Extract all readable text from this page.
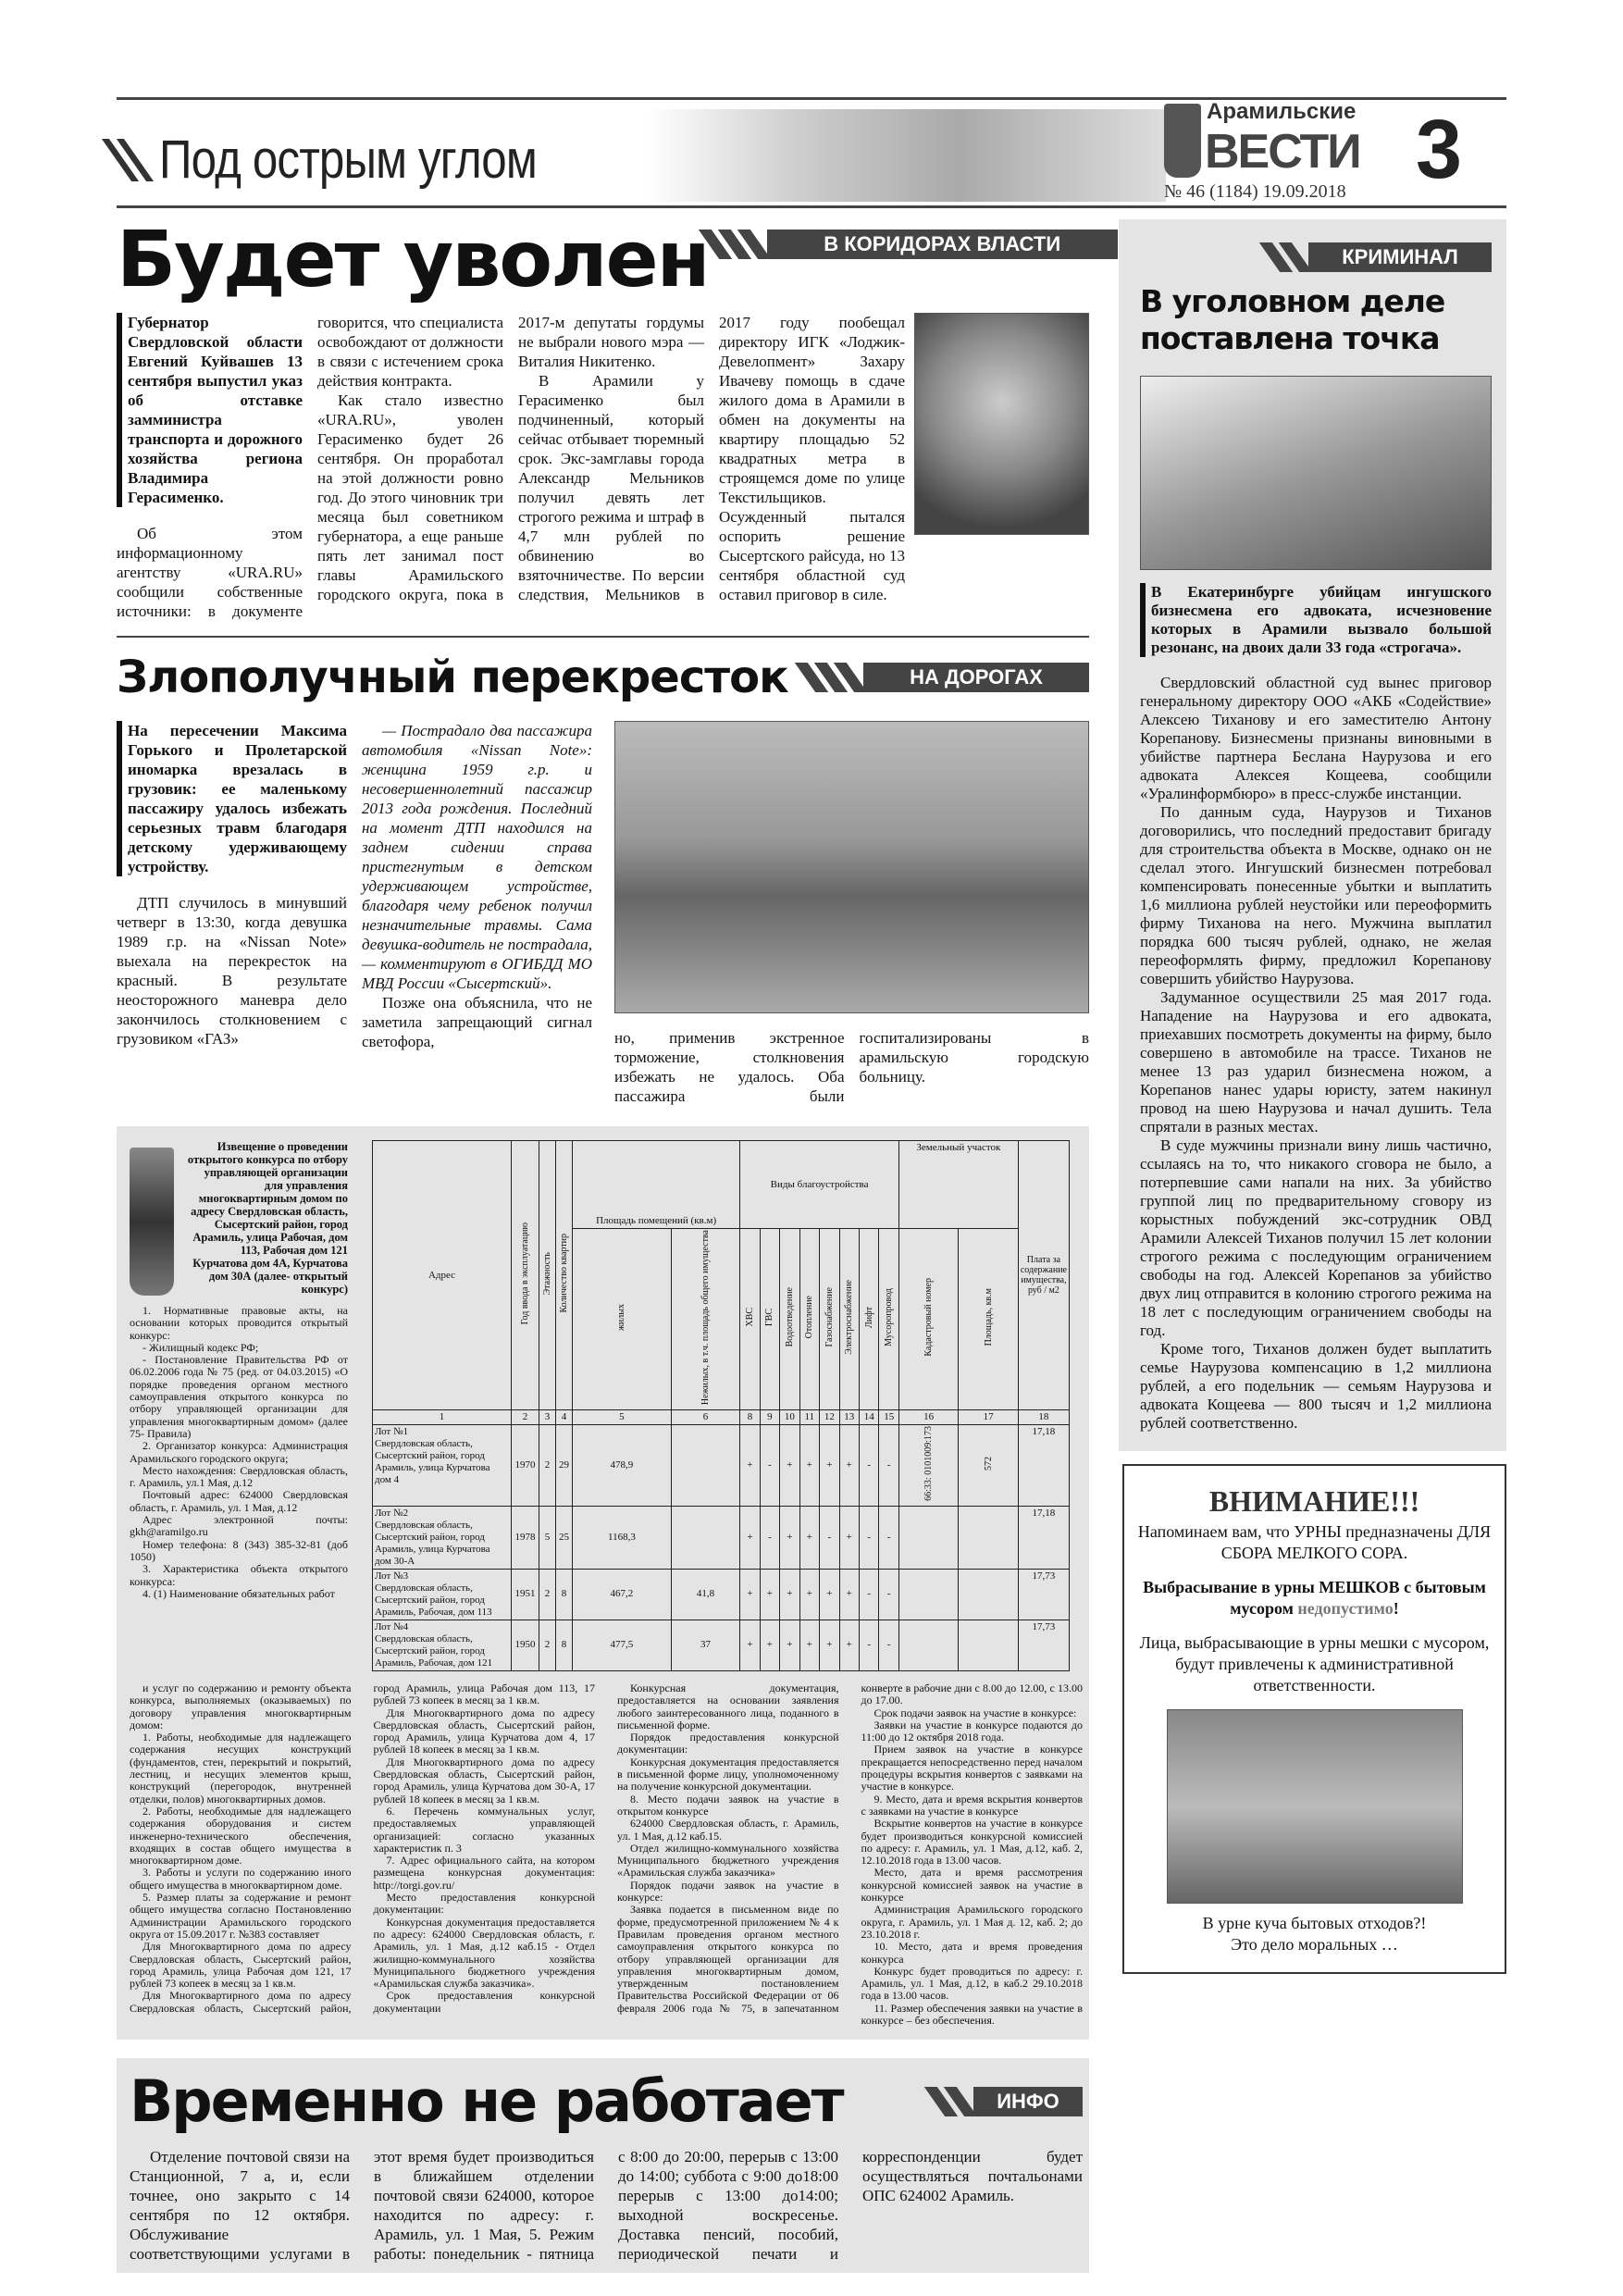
Под острым углом
Арамильские
ВЕСТИ
№ 46 (1184) 19.09.2018 3
Будет уволен	В КОРИДОРАХ ВЛАСТИ

Губернатор Свердловской области Евгений Куйвашев 13 сентября выпустил указ об отставке замминистра транспорта и дорожного хозяйства региона Владимира Герасименко.

Об этом информационному агентству «URA.RU» сообщили собственные источники: в документе говорится, что специалиста освобождают от должности в связи с истечением срока действия контракта.

Как стало известно «URA.RU», уволен Герасименко будет 26 сентября. Он проработал на этой должности ровно год. До этого чиновник три месяца был советником губернатора, а еще раньше пять лет занимал пост главы Арамильского городского округа, пока в 2017-м депутаты гордумы не выбрали нового мэра — Виталия Никитенко.

В Арамили у Герасименко был подчиненный, который сейчас отбывает тюремный срок. Экс-замглавы города Александр Мельников получил девять лет строгого режима и штраф в 4,7 млн рублей по обвинению во взяточничестве. По версии следствия, Мельников в 2017 году пообещал директору ИГК «Лоджик-Девелопмент» Захару Ивачеву помощь в сдаче жилого дома в Арамили в обмен на документы на квартиру площадью 52 квадратных метра в строящемся доме по улице Текстильщиков. Осужденный пытался оспорить решение Сысертского райсуда, но 13 сентября областной суд оставил приговор в силе.

Злополучный перекресток	НА ДОРОГАХ

На пересечении Максима Горького и Пролетарской иномарка врезалась в грузовик: ее маленькому пассажиру удалось избежать серьезных травм благодаря детскому удерживающему устройству.

ДТП случилось в минувший четверг в 13:30, когда девушка 1989 г.р. на «Nissan Note» выехала на перекресток на красный. В результате неосторожного маневра дело закончилось столкновением с грузовиком «ГАЗ»

— Пострадало два пассажира автомобиля «Nissan Note»: женщина 1959 г.р. и несовершеннолетний пассажир 2013 года рождения. Последний на момент ДТП находился на заднем сидении справа пристегнутым в детском удерживающем устройстве, благодаря чему ребенок получил незначительные травмы. Сама девушка-водитель не пострадала, — комментируют в ОГИБДД МО МВД России «Сысертский».

Позже она объяснила, что не заметила запрещающий сигнал светофора,	но, применив экстренное торможение, столкновения избежать не удалось. Оба пассажира были госпитализированы в арамильскую городскую больницу.

Извещение о проведении открытого конкурса по отбору управляющей организации для управления многоквартирным домом по адресу Свердловская область, Сысертский район, город Арамиль, улица Рабочая, дом 113, Рабочая дом 121 Курчатова дом 4А, Курчатова дом 30А (далее- открытый конкурс)

1. Нормативные правовые акты, на основании которых проводится открытый конкурс:

- Жилищный кодекс РФ;

- Постановление Правительства РФ от 06.02.2006 года № 75 (ред. от 04.03.2015) «О порядке проведения органом местного самоуправления открытого конкурса по отбору управляющей организации для управления многоквартирным домом» (далее 75- Правила)

2. Организатор конкурса: Администрация Арамильского городского округа;

Место нахождения: Свердловская область, г. Арамиль, ул.1 Мая, д.12

Почтовый адрес: 624000 Свердловская область, г. Арамиль, ул. 1 Мая, д.12

Адрес электронной почты: gkh@aramilgo.ru

Номер телефона: 8 (343) 385-32-81 (доб 1050)

3. Характеристика объекта открытого конкурса:

4. (1) Наименование обязательных работ

Адрес	Год ввода в эксплуатацию	Этажность	Количество квартир	Площадь помещений (кв.м)		Виды благоустройства								Земельный участок		Плата за содержание имущества, руб / м2
				жилых	Нежилых, в т.ч. площадь общего имущества	ХВС	ГВС	Водоотведение	Отопление	Газоснабжение	Электроснабжение	Лифт	Мусоропровод	Кадастровый номер	Площадь, кв.м	
1	2	3	4	5	6	8	9	10	11	12	13	14	15	16	17	18

Лот №1
Свердловская область, Сысертский район, город Арамиль, улица Курчатова дом 4	1970	2	29	478,9		+	-	+	+	+	+	-	-	66:33: 0101009:173	572	17,18

Лот №2
Свердловская область, Сысертский район, город Арамиль, улица Курчатова дом 30-А	1978	5	25	1168,3		+	-	+	+	-	+	-	-			17,18

Лот №3
Свердловская область, Сысертский район, город Арамиль, Рабочая, дом 113	1951	2	8	467,2	41,8	+	+	+	+	+	+	-	-			17,73

Лот №4
Свердловская область, Сысертский район, город Арамиль, Рабочая, дом 121	1950	2	8	477,5	37	+	+	+	+	+	+	-	-			17,73

и услуг по содержанию и ремонту объекта конкурса, выполняемых (оказываемых) по договору управления многоквартирным домом:

1. Работы, необходимые для надлежащего содержания несущих конструкций (фундаментов, стен, перекрытий и покрытий, лестниц, и несущих элементов крыш, конструкций (перегородок, внутренней отделки, полов) многоквартирных домов.

2. Работы, необходимые для надлежащего содержания оборудования и систем инженерно-технического обеспечения, входящих в состав общего имущества в многоквартирном доме.

3. Работы и услуги по содержанию иного общего имущества в многоквартирном доме.

5. Размер платы за содержание и ремонт общего имущества согласно Постановлению Администрации Арамильского городского округа от 15.09.2017 г. №383 составляет

Для Многоквартирного дома по адресу Свердловская область, Сысертский район, город Арамиль, улица Рабочая дом 121, 17 рублей 73 копеек в месяц за 1 кв.м.

Для Многоквартирного дома по адресу Свердловская область, Сысертский район, город Арамиль, улица Рабочая дом 113, 17 рублей 73 копеек в месяц за 1 кв.м.

Для Многоквартирного дома по адресу Свердловская область, Сысертский район, город Арамиль, улица Курчатова дом 4, 17 рублей 18 копеек в месяц за 1 кв.м.

Для Многоквартирного дома по адресу Свердловская область, Сысертский район, город Арамиль, улица Курчатова дом 30-А, 17 рублей 18 копеек в месяц за 1 кв.м.

6. Перечень коммунальных услуг, предоставляемых управляющей организацией: согласно указанных характеристик п. 3

7. Адрес официального сайта, на котором размещена конкурсная документация: http://torgi.gov.ru/

Место предоставления конкурсной документации:

Конкурсная документация предоставляется по адресу: 624000 Свердловская область, г. Арамиль, ул. 1 Мая, д.12 каб.15 - Отдел жилищно-коммунального хозяйства Муниципального бюджетного учреждения «Арамильская служба заказчика».

Срок предоставления конкурсной документации

Конкурсная документация, предоставляется на основании заявления любого заинтересованного лица, поданного в письменной форме.

Порядок предоставления конкурсной документации:

Конкурсная документация предоставляется в письменной форме лицу, уполномоченному на получение конкурсной документации.

8. Место подачи заявок на участие в открытом конкурсе

624000 Свердловская область, г. Арамиль, ул. 1 Мая, д.12 каб.15.

Отдел жилищно-коммунального хозяйства Муниципального бюджетного учреждения «Арамильская служба заказчика»

Порядок подачи заявок на участие в конкурсе:

Заявка подается в письменном виде по форме, предусмотренной приложением № 4 к Правилам проведения органом местного самоуправления открытого конкурса по отбору управляющей организации для управления многоквартирным домом, утвержденным постановлением Правительства Российской Федерации от 06 февраля 2006 года № 75, в запечатанном конверте в рабочие дни с 8.00 до 12.00, с 13.00 до 17.00.

Срок подачи заявок на участие в конкурсе:

Заявки на участие в конкурсе подаются до 11:00 до 12 октября 2018 года.

Прием заявок на участие в конкурсе прекращается непосредственно перед началом процедуры вскрытия конвертов с заявками на участие в конкурсе.

9. Место, дата и время вскрытия конвертов с заявками на участие в конкурсе

Вскрытие конвертов на участие в конкурсе будет производиться конкурсной комиссией по адресу: г. Арамиль, ул. 1 Мая, д.12, каб. 2, 12.10.2018 года в 13.00 часов.

Место, дата и время рассмотрения конкурсной комиссией заявок на участие в конкурсе

Администрация Арамильского городского округа, г. Арамиль, ул. 1 Мая д. 12, каб. 2; до 23.10.2018 г.

10. Место, дата и время проведения конкурса

Конкурс будет проводиться по адресу: г. Арамиль, ул. 1 Мая, д.12, в каб.2 29.10.2018 года в 13.00 часов.

11. Размер обеспечения заявки на участие в конкурсе – без обеспечения.

Временно не работает	ИНФО

Отделение почтовой связи на Станционной, 7 а, и, если точнее, оно закрыто с 14 сентября по 12 октября. Обслуживание соответствующими услугами в этот время будет производиться в ближайшем отделении почтовой связи 624000, которое находится по адресу: г. Арамиль, ул. 1 Мая, 5. Режим работы: понедельник - пятница с 8:00 до 20:00, перерыв с 13:00 до 14:00; суббота с 9:00 до18:00 перерыв с 13:00 до14:00; выходной воскресенье. Доставка пенсий, пособий, периодической печати и корреспонденции будет осуществляться почтальонами ОПС 624002 Арамиль.

КРИМИНАЛ
В уголовном деле поставлена точка

В Екатеринбурге убийцам ингушского бизнесмена его адвоката, исчезновение которых в Арамили вызвало большой резонанс, на двоих дали 33 года «строгача».

Свердловский областной суд вынес приговор генеральному директору ООО «АКБ «Содействие» Алексею Тиханову и его заместителю Антону Корепанову. Бизнесмены признаны виновными в убийстве партнера Беслана Наурузова и его адвоката Алексея Кощеева, сообщили «Уралинформбюро» в пресс-службе инстанции.

По данным суда, Наурузов и Тиханов договорились, что последний предоставит бригаду для строительства объекта в Москве, однако он не сделал этого. Ингушский бизнесмен потребовал компенсировать понесенные убытки и выплатить 1,6 миллиона рублей неустойки или переоформить фирму Тиханова на него. Мужчина выплатил порядка 600 тысяч рублей, однако, не желая переоформлять фирму, предложил Корепанову совершить убийство Наурузова.

Задуманное осуществили 25 мая 2017 года. Нападение на Наурузова и его адвоката, приехавших посмотреть документы на фирму, было совершено в автомобиле на трассе. Тиханов не менее 13 раз ударил бизнесмена ножом, а Корепанов нанес удары юристу, затем накинул провод на шею Наурузова и начал душить. Тела спрятали в разных местах.

В суде мужчины признали вину лишь частично, ссылаясь на то, что никакого сговора не было, а потерпевшие сами напали на них. За убийство группой лиц по предварительному сговору из корыстных побуждений экс-сотрудник ОВД Арамили Алексей Тиханов получил 15 лет колонии строгого режима с последующим ограничением свободы на год. Алексей Корепанов за убийство двух лиц отправится в колонию строгого режима на 18 лет с последующим ограничением свободы на год.

Кроме того, Тиханов должен будет выплатить семье Наурузова компенсацию в 1,2 миллиона рублей, а его подельник — семьям Наурузова и адвоката Кощеева — 800 тысяч и 1,2 миллиона рублей соответственно.

ВНИМАНИЕ!!!
Напоминаем вам, что УРНЫ предназначены ДЛЯ СБОРА МЕЛКОГО СОРА.
Выбрасывание в урны МЕШКОВ с бытовым мусором недопустимо!
Лица, выбрасывающие в урны мешки с мусором, будут привлечены к административной ответственности.
В урне куча бытовых отходов?!
Это дело моральных …
